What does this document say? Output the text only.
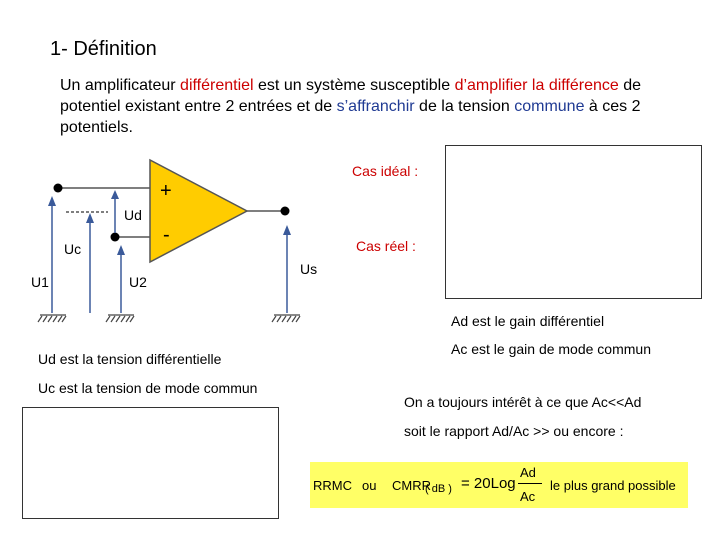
1- Définition
Un amplificateur différentiel est un système susceptible d’amplifier la différence de potentiel existant entre 2 entrées et de s’affranchir de la tension commune à ces 2 potentiels.
+
-
Ud
Uc
U1	U2
Us
Cas idéal :
Cas réel :
Ad est le gain différentiel
Ac est le gain de mode commun
Ud est la tension différentielle
Uc est la tension de mode commun
On a toujours intérêt à ce que Ac<<Ad
soit le rapport Ad/Ac >> ou encore :
RRMC ou CMRR
( dB ) = 20Log
Ad
Ac
le plus grand possible
